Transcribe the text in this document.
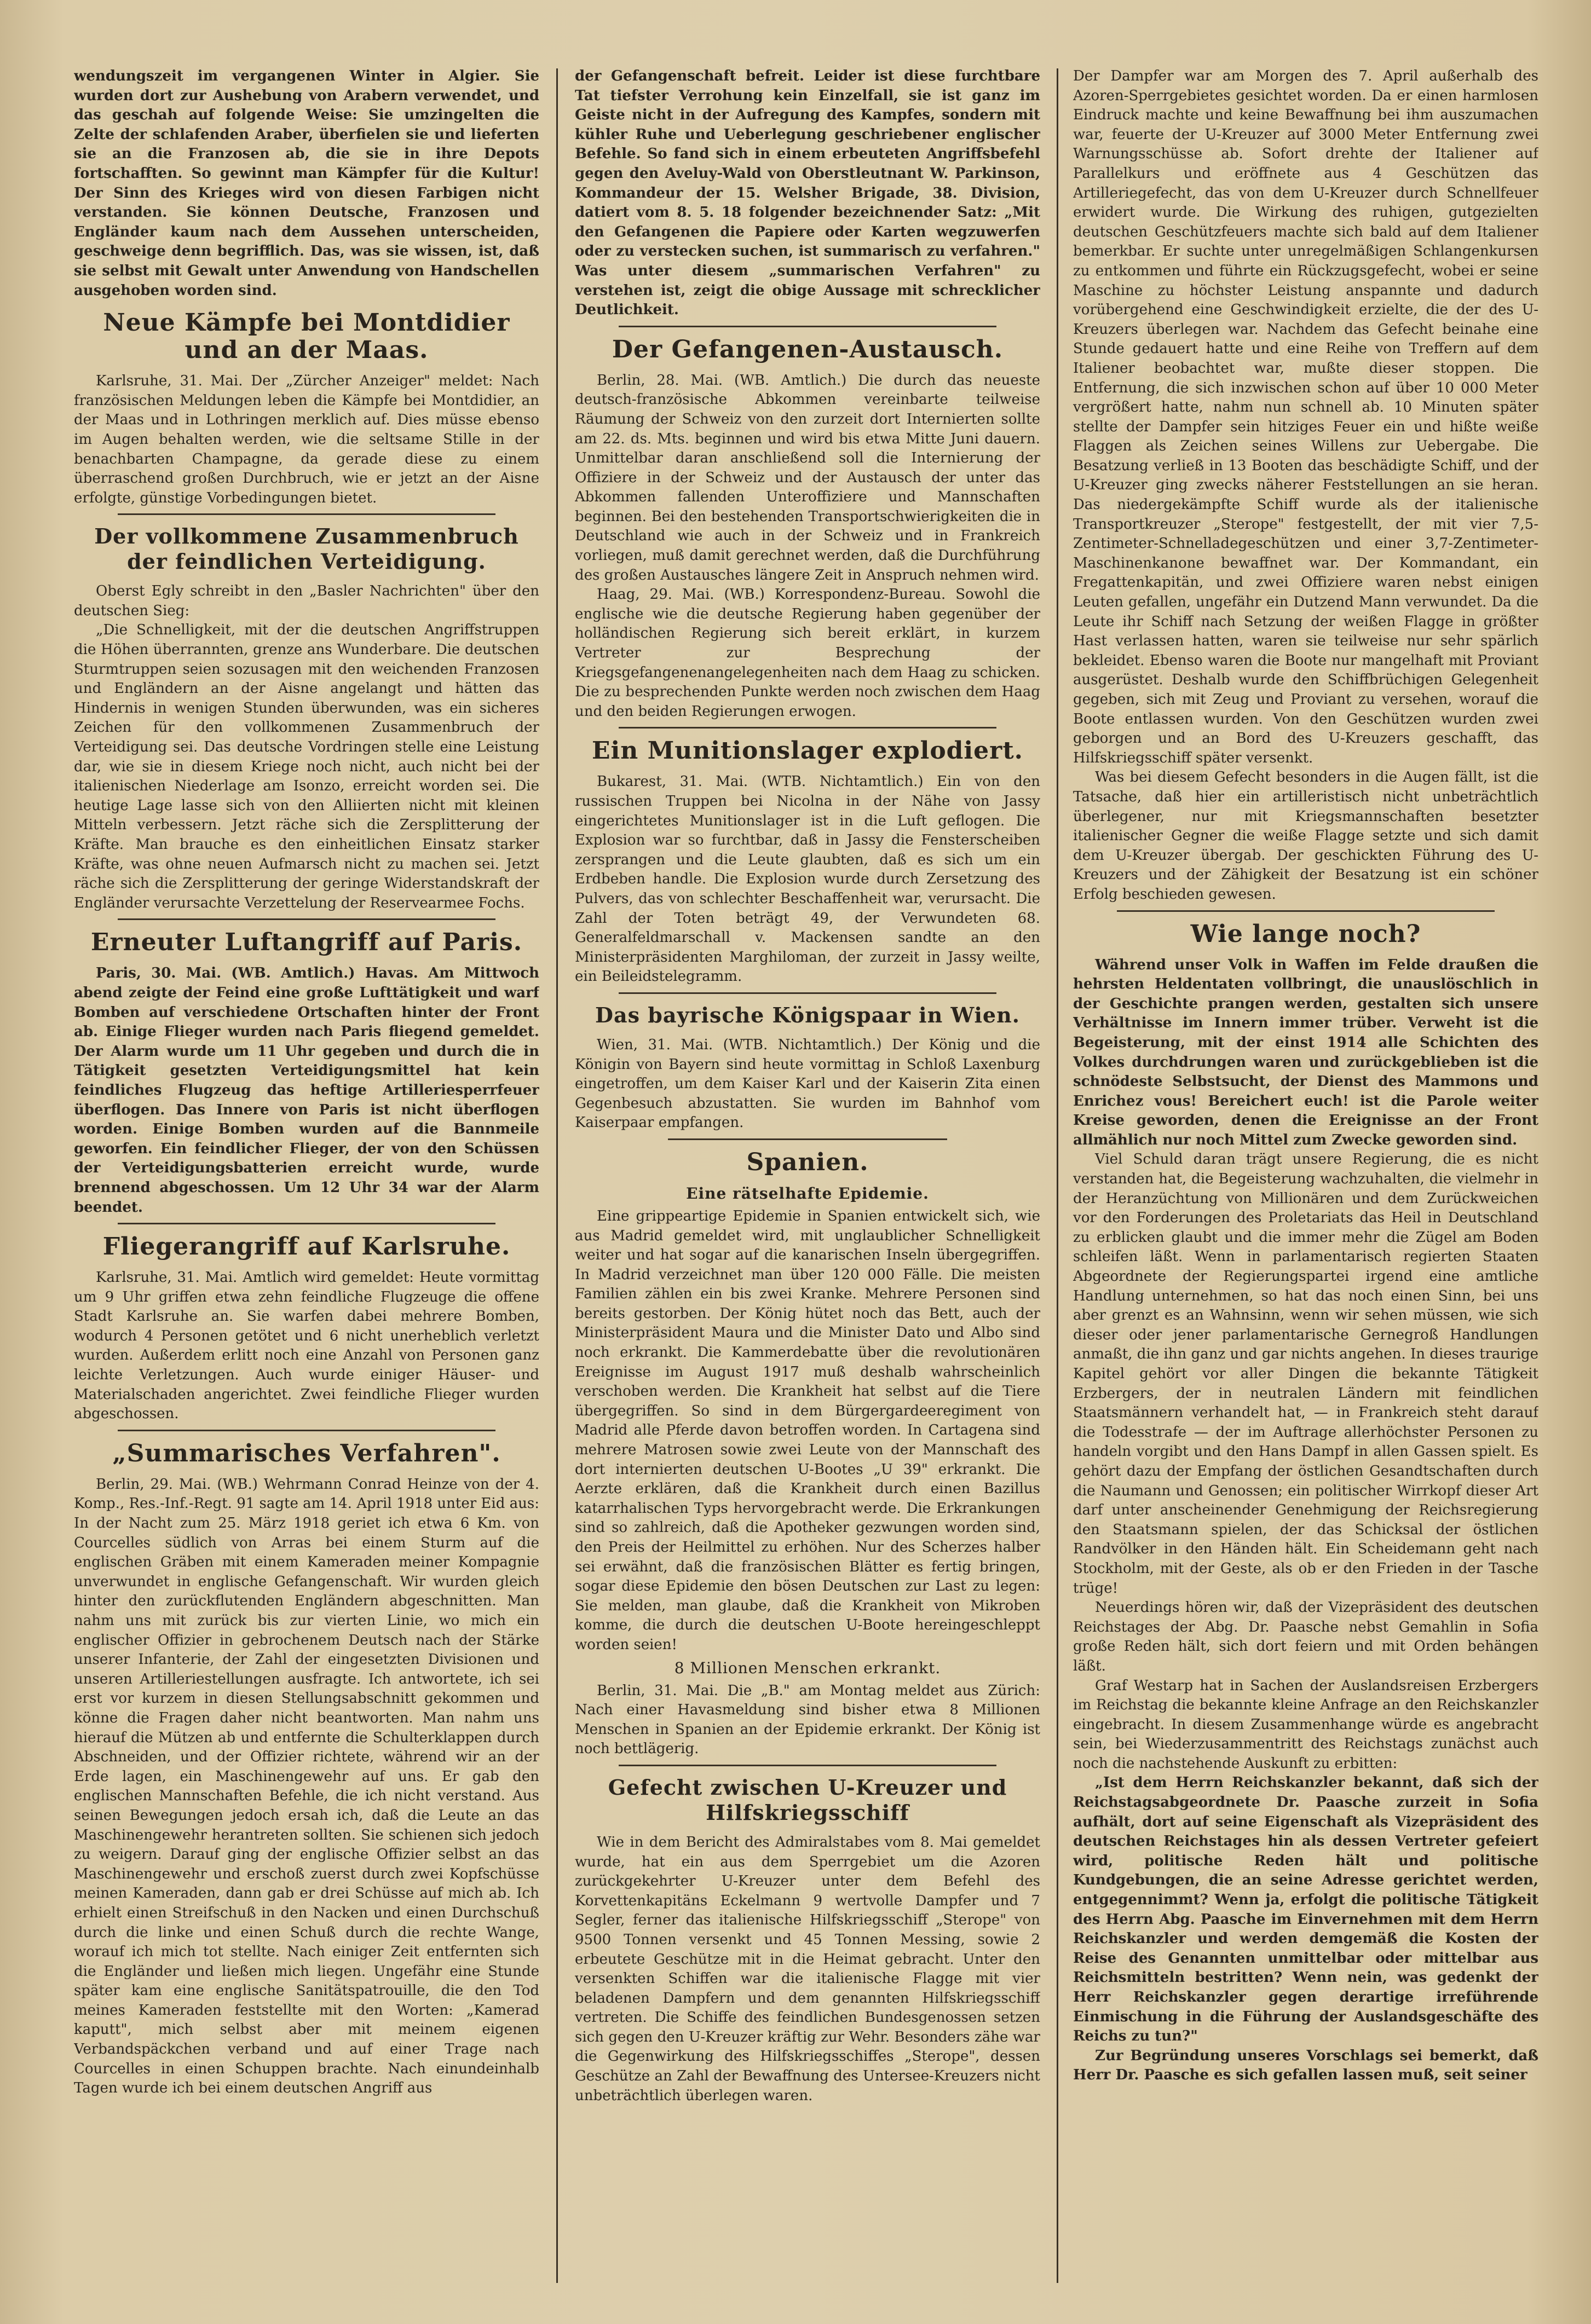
wendungszeit im vergangenen Winter in Algier. Sie wurden dort zur Aushebung von Arabern verwendet, und das geschah auf folgende Weise: Sie umzingelten die Zelte der schlafenden Araber, überfielen sie und lieferten sie an die Franzosen ab, die sie in ihre Depots fortschafften. So gewinnt man Kämpfer für die Kultur! Der Sinn des Krieges wird von diesen Farbigen nicht verstanden. Sie können Deutsche, Franzosen und Engländer kaum nach dem Aussehen unterscheiden, geschweige denn begrifflich. Das, was sie wissen, ist, daß sie selbst mit Gewalt unter Anwendung von Handschellen ausgehoben worden sind.

Neue Kämpfe bei Montdidier und an der Maas.

Karlsruhe, 31. Mai. Der „Zürcher Anzeiger" meldet: Nach französischen Meldungen leben die Kämpfe bei Montdidier, an der Maas und in Lothringen merklich auf. Dies müsse ebenso im Augen behalten werden, wie die seltsame Stille in der benachbarten Champagne, da gerade diese zu einem überraschend großen Durchbruch, wie er jetzt an der Aisne erfolgte, günstige Vorbedingungen bietet.

Der vollkommene Zusammenbruch der feindlichen Verteidigung.

Oberst Egly schreibt in den „Basler Nachrichten" über den deutschen Sieg:

„Die Schnelligkeit, mit der die deutschen Angriffstruppen die Höhen überrannten, grenze ans Wunderbare. Die deutschen Sturmtruppen seien sozusagen mit den weichenden Franzosen und Engländern an der Aisne angelangt und hätten das Hindernis in wenigen Stunden überwunden, was ein sicheres Zeichen für den vollkommenen Zusammenbruch der Verteidigung sei. Das deutsche Vordringen stelle eine Leistung dar, wie sie in diesem Kriege noch nicht, auch nicht bei der italienischen Niederlage am Isonzo, erreicht worden sei. Die heutige Lage lasse sich von den Alliierten nicht mit kleinen Mitteln verbessern. Jetzt räche sich die Zersplitterung der Kräfte. Man brauche es den einheitlichen Einsatz starker Kräfte, was ohne neuen Aufmarsch nicht zu machen sei. Jetzt räche sich die Zersplitterung der geringe Widerstandskraft der Engländer verursachte Verzettelung der Reservearmee Fochs.

Erneuter Luftangriff auf Paris.

Paris, 30. Mai. (WB. Amtlich.) Havas. Am Mittwoch abend zeigte der Feind eine große Lufttätigkeit und warf Bomben auf verschiedene Ortschaften hinter der Front ab. Einige Flieger wurden nach Paris fliegend gemeldet. Der Alarm wurde um 11 Uhr gegeben und durch die in Tätigkeit gesetzten Verteidigungsmittel hat kein feindliches Flugzeug das heftige Artilleriesperrfeuer überflogen. Das Innere von Paris ist nicht überflogen worden. Einige Bomben wurden auf die Bannmeile geworfen. Ein feindlicher Flieger, der von den Schüssen der Verteidigungsbatterien erreicht wurde, wurde brennend abgeschossen. Um 12 Uhr 34 war der Alarm beendet.

Fliegerangriff auf Karlsruhe.

Karlsruhe, 31. Mai. Amtlich wird gemeldet: Heute vormittag um 9 Uhr griffen etwa zehn feindliche Flugzeuge die offene Stadt Karlsruhe an. Sie warfen dabei mehrere Bomben, wodurch 4 Personen getötet und 6 nicht unerheblich verletzt wurden. Außerdem erlitt noch eine Anzahl von Personen ganz leichte Verletzungen. Auch wurde einiger Häuser- und Materialschaden angerichtet. Zwei feindliche Flieger wurden abgeschossen.

„Summarisches Verfahren".

Berlin, 29. Mai. (WB.) Wehrmann Conrad Heinze von der 4. Komp., Res.-Inf.-Regt. 91 sagte am 14. April 1918 unter Eid aus: In der Nacht zum 25. März 1918 geriet ich etwa 6 Km. von Courcelles südlich von Arras bei einem Sturm auf die englischen Gräben mit einem Kameraden meiner Kompagnie unverwundet in englische Gefangenschaft. Wir wurden gleich hinter den zurückflutenden Engländern abgeschnitten. Man nahm uns mit zurück bis zur vierten Linie, wo mich ein englischer Offizier in gebrochenem Deutsch nach der Stärke unserer Infanterie, der Zahl der eingesetzten Divisionen und unseren Artilleriestellungen ausfragte. Ich antwortete, ich sei erst vor kurzem in diesen Stellungsabschnitt gekommen und könne die Fragen daher nicht beantworten. Man nahm uns hierauf die Mützen ab und entfernte die Schulterklappen durch Abschneiden, und der Offizier richtete, während wir an der Erde lagen, ein Maschinengewehr auf uns. Er gab den englischen Mannschaften Befehle, die ich nicht verstand. Aus seinen Bewegungen jedoch ersah ich, daß die Leute an das Maschinengewehr herantreten sollten. Sie schienen sich jedoch zu weigern. Darauf ging der englische Offizier selbst an das Maschinengewehr und erschoß zuerst durch zwei Kopfschüsse meinen Kameraden, dann gab er drei Schüsse auf mich ab. Ich erhielt einen Streifschuß in den Nacken und einen Durchschuß durch die linke und einen Schuß durch die rechte Wange, worauf ich mich tot stellte. Nach einiger Zeit entfernten sich die Engländer und ließen mich liegen. Ungefähr eine Stunde später kam eine englische Sanitätspatrouille, die den Tod meines Kameraden feststellte mit den Worten: „Kamerad kaputt", mich selbst aber mit meinem eigenen Verbandspäckchen verband und auf einer Trage nach Courcelles in einen Schuppen brachte. Nach einundeinhalb Tagen wurde ich bei einem deutschen Angriff aus

der Gefangenschaft befreit. Leider ist diese furchtbare Tat tiefster Verrohung kein Einzelfall, sie ist ganz im Geiste nicht in der Aufregung des Kampfes, sondern mit kühler Ruhe und Ueberlegung geschriebener englischer Befehle. So fand sich in einem erbeuteten Angriffsbefehl gegen den Aveluy-Wald von Oberstleutnant W. Parkinson, Kommandeur der 15. Welsher Brigade, 38. Division, datiert vom 8. 5. 18 folgender bezeichnender Satz: „Mit den Gefangenen die Papiere oder Karten wegzuwerfen oder zu verstecken suchen, ist summarisch zu verfahren." Was unter diesem „summarischen Verfahren" zu verstehen ist, zeigt die obige Aussage mit schrecklicher Deutlichkeit.

Der Gefangenen-Austausch.

Berlin, 28. Mai. (WB. Amtlich.) Die durch das neueste deutsch-französische Abkommen vereinbarte teilweise Räumung der Schweiz von den zurzeit dort Internierten sollte am 22. ds. Mts. beginnen und wird bis etwa Mitte Juni dauern. Unmittelbar daran anschließend soll die Internierung der Offiziere in der Schweiz und der Austausch der unter das Abkommen fallenden Unteroffiziere und Mannschaften beginnen. Bei den bestehenden Transportschwierigkeiten die in Deutschland wie auch in der Schweiz und in Frankreich vorliegen, muß damit gerechnet werden, daß die Durchführung des großen Austausches längere Zeit in Anspruch nehmen wird.

Haag, 29. Mai. (WB.) Korrespondenz-Bureau. Sowohl die englische wie die deutsche Regierung haben gegenüber der holländischen Regierung sich bereit erklärt, in kurzem Vertreter zur Besprechung der Kriegsgefangenenangelegenheiten nach dem Haag zu schicken. Die zu besprechenden Punkte werden noch zwischen dem Haag und den beiden Regierungen erwogen.

Ein Munitionslager explodiert.

Bukarest, 31. Mai. (WTB. Nichtamtlich.) Ein von den russischen Truppen bei Nicolna in der Nähe von Jassy eingerichtetes Munitionslager ist in die Luft geflogen. Die Explosion war so furchtbar, daß in Jassy die Fensterscheiben zersprangen und die Leute glaubten, daß es sich um ein Erdbeben handle. Die Explosion wurde durch Zersetzung des Pulvers, das von schlechter Beschaffenheit war, verursacht. Die Zahl der Toten beträgt 49, der Verwundeten 68. Generalfeldmarschall v. Mackensen sandte an den Ministerpräsidenten Marghiloman, der zurzeit in Jassy weilte, ein Beileidstelegramm.

Das bayrische Königspaar in Wien.

Wien, 31. Mai. (WTB. Nichtamtlich.) Der König und die Königin von Bayern sind heute vormittag in Schloß Laxenburg eingetroffen, um dem Kaiser Karl und der Kaiserin Zita einen Gegenbesuch abzustatten. Sie wurden im Bahnhof vom Kaiserpaar empfangen.

Spanien.
Eine rätselhafte Epidemie.

Eine grippeartige Epidemie in Spanien entwickelt sich, wie aus Madrid gemeldet wird, mit unglaublicher Schnelligkeit weiter und hat sogar auf die kanarischen Inseln übergegriffen. In Madrid verzeichnet man über 120 000 Fälle. Die meisten Familien zählen ein bis zwei Kranke. Mehrere Personen sind bereits gestorben. Der König hütet noch das Bett, auch der Ministerpräsident Maura und die Minister Dato und Albo sind noch erkrankt. Die Kammerdebatte über die revolutionären Ereignisse im August 1917 muß deshalb wahrscheinlich verschoben werden. Die Krankheit hat selbst auf die Tiere übergegriffen. So sind in dem Bürgergardeeregiment von Madrid alle Pferde davon betroffen worden. In Cartagena sind mehrere Matrosen sowie zwei Leute von der Mannschaft des dort internierten deutschen U-Bootes „U 39" erkrankt. Die Aerzte erklären, daß die Krankheit durch einen Bazillus katarrhalischen Typs hervorgebracht werde. Die Erkrankungen sind so zahlreich, daß die Apotheker gezwungen worden sind, den Preis der Heilmittel zu erhöhen. Nur des Scherzes halber sei erwähnt, daß die französischen Blätter es fertig bringen, sogar diese Epidemie den bösen Deutschen zur Last zu legen: Sie melden, man glaube, daß die Krankheit von Mikroben komme, die durch die deutschen U-Boote hereingeschleppt worden seien!

8 Millionen Menschen erkrankt.

Berlin, 31. Mai. Die „B." am Montag meldet aus Zürich: Nach einer Havasmeldung sind bisher etwa 8 Millionen Menschen in Spanien an der Epidemie erkrankt. Der König ist noch bettlägerig.

Gefecht zwischen U-Kreuzer und Hilfskriegsschiff

Wie in dem Bericht des Admiralstabes vom 8. Mai gemeldet wurde, hat ein aus dem Sperrgebiet um die Azoren zurückgekehrter U-Kreuzer unter dem Befehl des Korvettenkapitäns Eckelmann 9 wertvolle Dampfer und 7 Segler, ferner das italienische Hilfskriegsschiff „Sterope" von 9500 Tonnen versenkt und 45 Tonnen Messing, sowie 2 erbeutete Geschütze mit in die Heimat gebracht. Unter den versenkten Schiffen war die italienische Flagge mit vier beladenen Dampfern und dem genannten Hilfskriegsschiff vertreten. Die Schiffe des feindlichen Bundesgenossen setzen sich gegen den U-Kreuzer kräftig zur Wehr. Besonders zähe war die Gegenwirkung des Hilfskriegsschiffes „Sterope", dessen Geschütze an Zahl der Bewaffnung des Untersee-Kreuzers nicht unbeträchtlich überlegen waren.

Der Dampfer war am Morgen des 7. April außerhalb des Azoren-Sperrgebietes gesichtet worden. Da er einen harmlosen Eindruck machte und keine Bewaffnung bei ihm auszumachen war, feuerte der U-Kreuzer auf 3000 Meter Entfernung zwei Warnungsschüsse ab. Sofort drehte der Italiener auf Parallelkurs und eröffnete aus 4 Geschützen das Artilleriegefecht, das von dem U-Kreuzer durch Schnellfeuer erwidert wurde. Die Wirkung des ruhigen, gutgezielten deutschen Geschützfeuers machte sich bald auf dem Italiener bemerkbar. Er suchte unter unregelmäßigen Schlangenkursen zu entkommen und führte ein Rückzugsgefecht, wobei er seine Maschine zu höchster Leistung anspannte und dadurch vorübergehend eine Geschwindigkeit erzielte, die der des U-Kreuzers überlegen war. Nachdem das Gefecht beinahe eine Stunde gedauert hatte und eine Reihe von Treffern auf dem Italiener beobachtet war, mußte dieser stoppen. Die Entfernung, die sich inzwischen schon auf über 10 000 Meter vergrößert hatte, nahm nun schnell ab. 10 Minuten später stellte der Dampfer sein hitziges Feuer ein und hißte weiße Flaggen als Zeichen seines Willens zur Uebergabe. Die Besatzung verließ in 13 Booten das beschädigte Schiff, und der U-Kreuzer ging zwecks näherer Feststellungen an sie heran. Das niedergekämpfte Schiff wurde als der italienische Transportkreuzer „Sterope" festgestellt, der mit vier 7,5-Zentimeter-Schnelladegeschützen und einer 3,7-Zentimeter-Maschinenkanone bewaffnet war. Der Kommandant, ein Fregattenkapitän, und zwei Offiziere waren nebst einigen Leuten gefallen, ungefähr ein Dutzend Mann verwundet. Da die Leute ihr Schiff nach Setzung der weißen Flagge in größter Hast verlassen hatten, waren sie teilweise nur sehr spärlich bekleidet. Ebenso waren die Boote nur mangelhaft mit Proviant ausgerüstet. Deshalb wurde den Schiffbrüchigen Gelegenheit gegeben, sich mit Zeug und Proviant zu versehen, worauf die Boote entlassen wurden. Von den Geschützen wurden zwei geborgen und an Bord des U-Kreuzers geschafft, das Hilfskriegsschiff später versenkt.

Was bei diesem Gefecht besonders in die Augen fällt, ist die Tatsache, daß hier ein artilleristisch nicht unbeträchtlich überlegener, nur mit Kriegsmannschaften besetzter italienischer Gegner die weiße Flagge setzte und sich damit dem U-Kreuzer übergab. Der geschickten Führung des U-Kreuzers und der Zähigkeit der Besatzung ist ein schöner Erfolg beschieden gewesen.

Wie lange noch?

Während unser Volk in Waffen im Felde draußen die hehrsten Heldentaten vollbringt, die unauslöschlich in der Geschichte prangen werden, gestalten sich unsere Verhältnisse im Innern immer trüber. Verweht ist die Begeisterung, mit der einst 1914 alle Schichten des Volkes durchdrungen waren und zurückgeblieben ist die schnödeste Selbstsucht, der Dienst des Mammons und Enrichez vous! Bereichert euch! ist die Parole weiter Kreise geworden, denen die Ereignisse an der Front allmählich nur noch Mittel zum Zwecke geworden sind.

Viel Schuld daran trägt unsere Regierung, die es nicht verstanden hat, die Begeisterung wachzuhalten, die vielmehr in der Heranzüchtung von Millionären und dem Zurückweichen vor den Forderungen des Proletariats das Heil in Deutschland zu erblicken glaubt und die immer mehr die Zügel am Boden schleifen läßt. Wenn in parlamentarisch regierten Staaten Abgeordnete der Regierungspartei irgend eine amtliche Handlung unternehmen, so hat das noch einen Sinn, bei uns aber grenzt es an Wahnsinn, wenn wir sehen müssen, wie sich dieser oder jener parlamentarische Gernegroß Handlungen anmaßt, die ihn ganz und gar nichts angehen. In dieses traurige Kapitel gehört vor aller Dingen die bekannte Tätigkeit Erzbergers, der in neutralen Ländern mit feindlichen Staatsmännern verhandelt hat, — in Frankreich steht darauf die Todesstrafe — der im Auftrage allerhöchster Personen zu handeln vorgibt und den Hans Dampf in allen Gassen spielt. Es gehört dazu der Empfang der östlichen Gesandtschaften durch die Naumann und Genossen; ein politischer Wirrkopf dieser Art darf unter anscheinender Genehmigung der Reichsregierung den Staatsmann spielen, der das Schicksal der östlichen Randvölker in den Händen hält. Ein Scheidemann geht nach Stockholm, mit der Geste, als ob er den Frieden in der Tasche trüge!

Neuerdings hören wir, daß der Vizepräsident des deutschen Reichstages der Abg. Dr. Paasche nebst Gemahlin in Sofia große Reden hält, sich dort feiern und mit Orden behängen läßt.

Graf Westarp hat in Sachen der Auslandsreisen Erzbergers im Reichstag die bekannte kleine Anfrage an den Reichskanzler eingebracht. In diesem Zusammenhange würde es angebracht sein, bei Wiederzusammentritt des Reichstags zunächst auch noch die nachstehende Auskunft zu erbitten:

„Ist dem Herrn Reichskanzler bekannt, daß sich der Reichstagsabgeordnete Dr. Paasche zurzeit in Sofia aufhält, dort auf seine Eigenschaft als Vizepräsident des deutschen Reichstages hin als dessen Vertreter gefeiert wird, politische Reden hält und politische Kundgebungen, die an seine Adresse gerichtet werden, entgegennimmt? Wenn ja, erfolgt die politische Tätigkeit des Herrn Abg. Paasche im Einvernehmen mit dem Herrn Reichskanzler und werden demgemäß die Kosten der Reise des Genannten unmittelbar oder mittelbar aus Reichsmitteln bestritten? Wenn nein, was gedenkt der Herr Reichskanzler gegen derartige irreführende Einmischung in die Führung der Auslandsgeschäfte des Reichs zu tun?"

Zur Begründung unseres Vorschlags sei bemerkt, daß Herr Dr. Paasche es sich gefallen lassen muß, seit seiner
